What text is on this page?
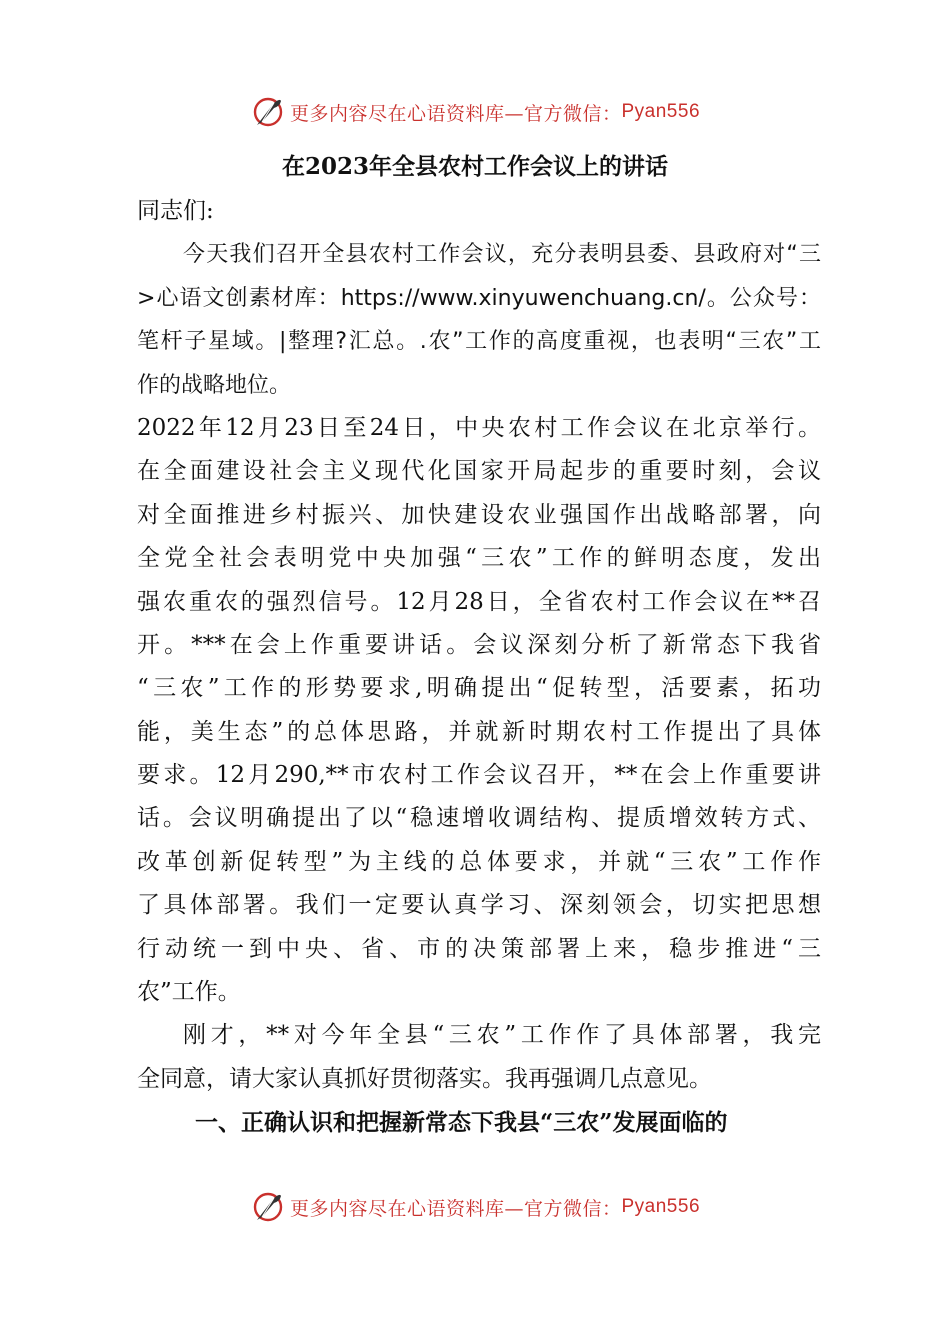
更多内容尽在心语资料库 —官方微信： Pyan556
在2023年全县农村工作会议上的讲话
同志们:
今天我们召开全县农村工作会议，充分表明县委、县政府对“三
>心语文创素材库：https://www.xinyuwenchuang.cn/。公众号：
笔杆子星域。|整理?汇总。.农”工作的高度重视，也表明“三农”工
作的战略地位。
2022年12月23日至24日，中央农村工作会议在北京举行。
在全面建设社会主义现代化国家开局起步的重要时刻，会议
对全面推进乡村振兴、加快建设农业强国作出战略部署，向
全党全社会表明党中央加强“三农”工作的鲜明态度，发出
强农重农的强烈信号。12月28日，全省农村工作会议在**召
开。***在会上作重要讲话。会议深刻分析了新常态下我省
“三农”工作的形势要求,明确提出“促转型，活要素，拓功
能，美生态”的总体思路，并就新时期农村工作提出了具体
要求。12月290,**市农村工作会议召开，**在会上作重要讲
话。会议明确提出了以“稳速增收调结构、提质增效转方式、
改革创新促转型”为主线的总体要求，并就“三农”工作作
了具体部署。我们一定要认真学习、深刻领会，切实把思想
行动统一到中央、省、市的决策部署上来，稳步推进“三
农”工作。
刚才，**对今年全县“三农”工作作了具体部署，我完
全同意，请大家认真抓好贯彻落实。我再强调几点意见。
一、正确认识和把握新常态下我县“三农”发展面临的
更多内容尽在心语资料库 —官方微信： Pyan556
